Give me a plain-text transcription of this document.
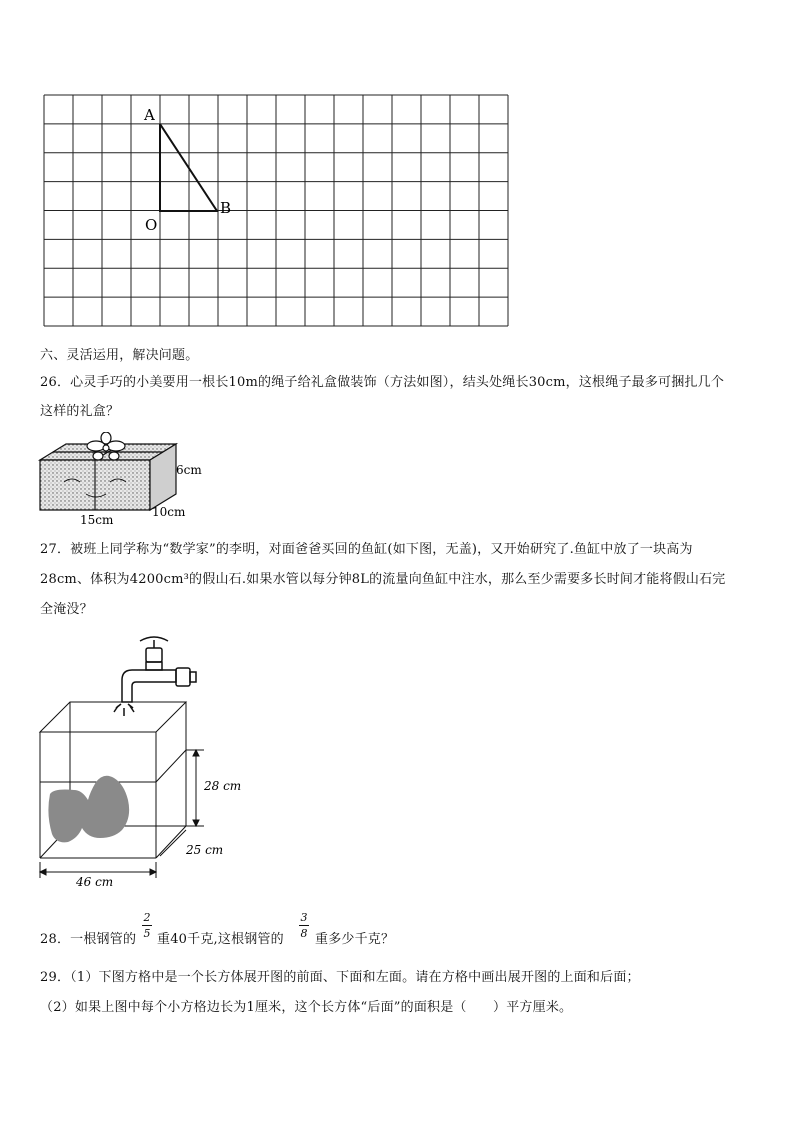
A
B
O
六、灵活运用，解决问题。
26．心灵手巧的小美要用一根长10m的绳子给礼盒做装饰（方法如图），结头处绳长30cm，这根绳子最多可捆扎几个
这样的礼盒？
6cm
15cm
10cm
27．被班上同学称为“数学家”的李明，对面爸爸买回的鱼缸(如下图，无盖)，又开始研究了.鱼缸中放了一块高为
28cm、体积为4200cm³的假山石.如果水管以每分钟8L的流量向鱼缸中注水，那么至少需要多长时间才能将假山石完
全淹没？
28 cm
25 cm
46 cm
28．一根钢管的
2
5 重40千克,这根钢管的
3
8 重多少千克？
29．（1）下图方格中是一个长方体展开图的前面、下面和左面。请在方格中画出展开图的上面和后面；
（2）如果上图中每个小方格边长为1厘米，这个长方体“后面”的面积是（　　）平方厘米。
